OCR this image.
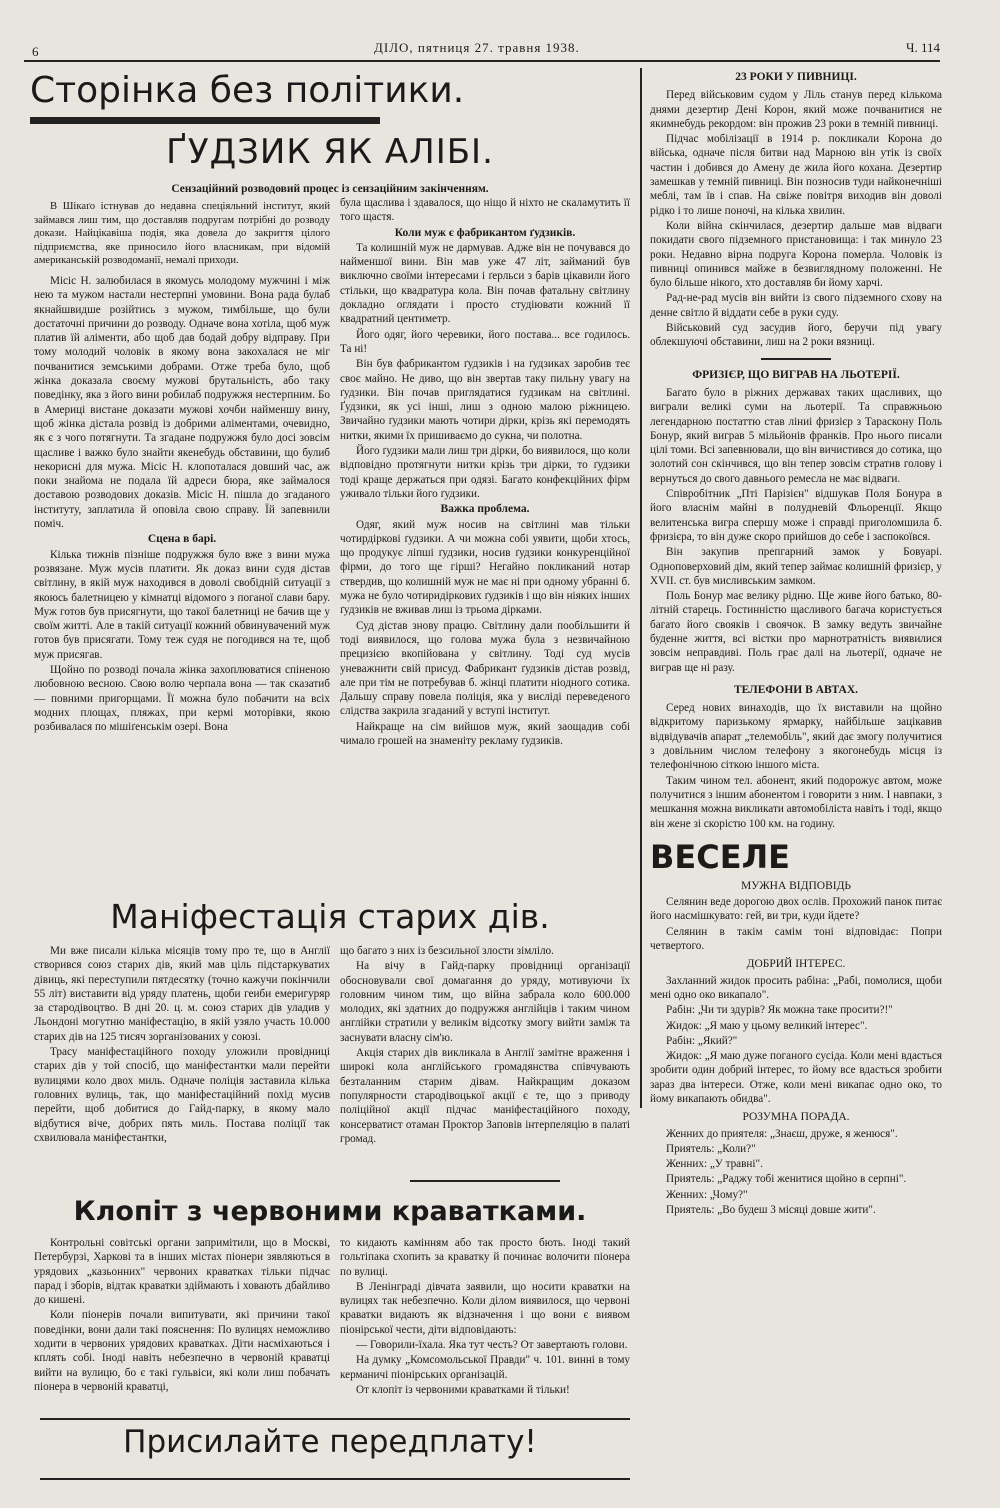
6	ДІЛО, пятниця 27. травня 1938.	Ч. 114
Сторінка без політики.
ҐУДЗИК ЯК АЛІБІ.
Сензаційний розводовий процес із сензаційним закінченням.

В Шікаґо істнував до недавна спеціяльний інститут, який займався лиш тим, що доставляв подругам потрібні до розводу докази. Найцікавіша подія, яка довела до закриття цілого підприємства, яке приносило його власникам, при відомій американській розводоманії, немалі приходи.

Місіс Н. залюбилася в якомусь молодому мужчині і між нею та мужом настали нестерпні умовини. Вона рада булаб якнайшвидше розійтись з мужом, тимбільше, що були достаточні причини до розводу. Одначе вона хотіла, щоб муж платив їй аліменти, або щоб дав бодай добру відправу. При тому молодий чоловік в якому вона закохалася не міг почванитися земськими добрами. Отже треба було, щоб жінка доказала своєму мужові брутальність, або таку поведінку, яка з його вини робилаб подружжя нестерпним. Бо в Америці вистане доказати мужові хочби найменшу вину, щоб жінка дістала розвід із добрими аліментами, очевидно, як є з чого потягнути. Та згадане подружжя було досі зовсім щасливе і важко було знайти якенебудь обставини, що булиб некорисні для мужа. Місіс Н. клопоталася довший час, аж поки знайома не подала їй адреси бюра, яке займалося доставою розводових доказів. Місіс Н. пішла до згаданого інституту, заплатила й оповіла свою справу. Їй запевнили поміч.

Сцена в барі.

Кілька тижнів пізніше подружжя було вже з вини мужа розвязане. Муж мусів платити. Як доказ вини судя дістав світлину, в якій муж находився в доволі свобідній ситуації з якоюсь балетницею у кімнатці відомого з поганої слави бару. Муж готов був присягнути, що такої балетниці не бачив ще у своїм житті. Але в такій ситуації кожний обвинувачений муж готов був присягати. Тому теж судя не погодився на те, щоб муж присягав.

Щойно по розводі почала жінка захоплюватися спіненою любовною весною. Свою волю черпала вона — так сказатиб — повними пригорщами. Її можна було побачити на всіх модних площах, пляжах, при кермі моторівки, якою розбивалася по мішіґенськім озері. Вона

була щаслива і здавалося, що ніщо й ніхто не скаламутить її того щастя.

Коли муж є фабрикантом ґудзиків.

Та колишній муж не дармував. Адже він не почувався до найменшої вини. Він мав уже 47 літ, займаний був виключно своїми інтересами і ґерльси з барів цікавили його стільки, що квадратура кола. Він почав фатальну світлину докладно оглядати і просто студіювати кожний її квадратний центиметр.

Його одяг, його черевики, його постава... все годилось. Та ні!

Він був фабрикантом ґудзиків і на ґудзиках заробив теє своє майно. Не диво, що він звертав таку пильну увагу на ґудзики. Він почав приглядатися ґудзикам на світлині. Ґудзики, як усі інші, лиш з одною малою ріжницею. Звичайно ґудзики мають чотири дірки, крізь які перемодять нитки, якими їх пришиваємо до сукна, чи полотна.

Його ґудзики мали лиш три дірки, бо виявилося, що коли відповідно протягнути нитки крізь три дірки, то ґудзики тоді краще держаться при одязі. Багато конфекційних фірм уживало тільки його ґудзики.

Важка проблема.

Одяг, який муж носив на світлині мав тільки чотирдіркові ґудзики. А чи можна собі уявити, щоби хтось, що продукує ліпші ґудзики, носив ґудзики конкуренційної фірми, до того ще гірші? Негайно покликаний нотар ствердив, що колишній муж не має ні при одному убранні б. мужа не було чотиридіркових ґудзиків і що він ніяких інших ґудзиків не вживав лиш із трьома дірками.

Суд дістав знову працю. Світлину дали пообільшити й тоді виявилося, що голова мужа була з незвичайною прецизією вкопійована у світлину. Тоді суд мусів уневажнити свій присуд. Фабрикант ґудзиків дістав розвід, але при тім не потребував б. жінці платити ніодного сотика. Дальшу справу повела поліція, яка у висліді переведеного слідства закрила згаданий у вступі інститут.

Найкраще на сім вийшов муж, який заощадив собі чимало грошей на знаменіту рекламу ґудзиків.

Маніфестація старих дів.

Ми вже писали кілька місяців тому про те, що в Англії створився союз старих дів, який мав ціль підстаркуватих дівиць, які переступили пятдесятку (точно кажучи покінчили 55 літ) виставити від уряду платень, щоби геиби емеригуряр за стародівоцтво. В дні 20. ц. м. союз старих дів уладив у Льондоні могутню маніфестацію, в якій узяло участь 10.000 старих дів на 125 тисяч зорганізованих у союзі.

Трасу маніфестаційного походу уложили провідниці старих дів у той спосіб, що маніфестантки мали перейти вулицями коло двох миль. Одначе поліція заставила кілька головних вулиць, так, що маніфестаційний похід мусив перейти, щоб добитися до Гайд-парку, в якому мало відбутися віче, добрих пять миль. Постава поліції так схвилювала маніфестантки,

що багато з них із безсильної злости зімліло.

На вічу в Гайд-парку провідниці організації обосновували свої домагання до уряду, мотивуючи їх головним чином тим, що війна забрала коло 600.000 молодих, які здатних до подружжя англійців і таким чином англійки стратили у великім відсотку змогу вийти заміж та заснувати власну сім'ю.

Акція старих дів викликала в Англії замітне враження і широкі кола англійського громадянства співчувають безталанним старим дівам. Найкращим доказом популярности стародівоцької акції є те, що з приводу поліційної акції підчас маніфестаційного походу, консерватист отаман Проктор Заповів інтерпеляцію в палаті громад.

Клопіт з червоними краватками.

Контрольні совітські органи запримітили, що в Москві, Петербурзі, Харкові та в інших містах піонери зявляються в урядових „казьонних" червоних краватках тільки підчас парад і зборів, відтак краватки здіймають і ховають дбайливо до кишені.

Коли піонерів почали випитувати, які причини такої поведінки, вони дали такі пояснення: По вулицях неможливо ходити в червоних урядових краватках. Діти насміхаються і кплять собі. Іноді навіть небезпечно в червоній краватці вийти на вулицю, бо є такі гульвіси, які коли лиш побачать піонера в червоній краватці,

то кидають камінням або так просто бють. Іноді такий гольтіпака схопить за краватку й починає волочити піонера по вулиці.

В Ленінграді дівчата заявили, що носити краватки на вулицях так небезпечно. Коли ділом виявилося, що червоні краватки видають як відзначення і що вони є виявом піонірської чести, діти відповідають:

— Говорили-їхала. Яка тут честь? От завертають голови.

На думку „Комсомольської Правди" ч. 101. винні в тому керманичі піонірських організацій.

От клопіт із червоними краватками й тільки!

Присилайте передплату!
23 РОКИ У ПИВНИЦІ.

Перед військовим судом у Ліль станув перед кількома днями дезертир Дені Корон, який може почванитися не якимнебудь рекордом: він прожив 23 роки в темній пивниці.

Підчас мобілізації в 1914 р. покликали Корона до війська, одначе після битви над Марною він утік із своїх частин і добився до Амену де жила його кохана. Дезертир замешкав у темній пивниці. Він позносив туди найконечніші меблі, там їв і спав. На свіже повітря виходив він доволі рідко і то лише поночі, на кілька хвилин.

Коли війна скінчилася, дезертир дальше мав відваги покидати свого підземного пристановища: і так минуло 23 роки. Недавно вірна подруга Корона померла. Чоловік із пивниці опинився майже в безвиглядному положенні. Не було більше нікого, хто доставляв би йому харчі.

Рад-не-рад мусів він вийти із свого підземного схову на денне світло й віддати себе в руки суду.

Військовий суд засудив його, беручи під увагу облекшуючі обставини, лиш на 2 роки вязниці.

ФРИЗІЄР, ЩО ВИГРАВ НА ЛЬОТЕРІЇ.

Багато було в ріжних державах таких щасливих, що виграли великі суми на льотерії. Та справжньою легендарною постаттю став ліниі фризієр з Тараскону Поль Бонур, який виграв 5 мільйонів франків. Про нього писали цілі томи. Всі запевнювали, що він вичистився до сотика, що золотий сон скінчився, що він тепер зовсім стратив голову і вернуться до свого давнього ремесла не має відваги.

Співробітник „Пті Парізієн" відшукав Поля Бонура в його власнім майні в полудневій Фльоренції. Якщо велитенська вигра спершу може і справді приголомшила б. фризієра, то він дуже скоро прийшов до себе і заспокоївся.

Він закупив препгарний замок у Бовуарі. Одноповерховий дім, який тепер займає колишній фризієр, у XVII. ст. був мисливським замком.

Поль Бонур має велику рідню. Ще живе його батько, 80-літній старець. Гостинністю щасливого багача користується багато його свояків і своячок. В замку ведуть звичайне буденне життя, всі вістки про марнотратність виявилися зовсім неправдиві. Поль грає далі на льотерії, одначе не виграв ще ні разу.

ТЕЛЕФОНИ В АВТАХ.

Серед нових винаходів, що їх виставили на щойно відкритому паризькому ярмарку, найбільше зацікавив відвідувачів апарат „телемобіль", який дає змогу получитися з довільним числом телефону з якогонебудь місця із телефонічною сіткою іншого міста.

Таким чином тел. абонент, який подорожує автом, може получитися з іншим абонентом і говорити з ним. І навпаки, з мешкання можна викликати автомобіліста навіть і тоді, якщо він жене зі скорістю 100 км. на годину.

ВЕСЕЛЕ
МУЖНА ВІДПОВІДЬ

Селянин веде дорогою двох ослів. Прохожий панок питає його насмішкувато: гей, ви три, куди йдете?

Селянин в такім самім тоні відповідає: Попри четвертого.

ДОБРИЙ ІНТЕРЕС.

Захланний жидок просить рабіна: „Рабі, помолися, щоби мені одно око викапало".

Рабін: „Чи ти здурів? Як можна таке просити?!"

Жидок: „Я маю у цьому великий інтерес".

Рабін: „Який?"

Жидок: „Я маю дуже поганого сусіда. Коли мені вдасться зробити один добрий інтерес, то йому все вдасться зробити зараз два інтереси. Отже, коли мені викапає одно око, то йому викапають обидва".

РОЗУМНА ПОРАДА.

Женних до приятеля: „Знаєш, друже, я женюся".

Приятель: „Коли?"

Женних: „У травні".

Приятель: „Раджу тобі женитися щойно в серпні".

Женних: „Чому?"

Приятель: „Во будеш 3 місяці довше жити".
